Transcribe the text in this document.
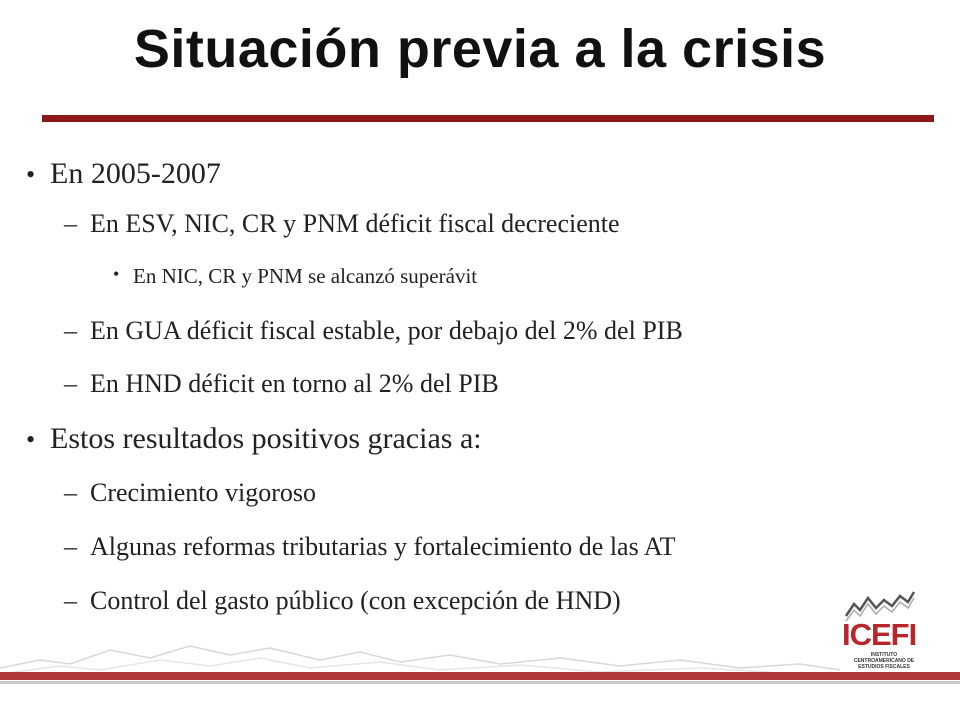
Situación previa a la crisis
• En 2005-2007
– En ESV, NIC, CR y PNM déficit fiscal decreciente
• En NIC, CR y PNM se alcanzó superávit
– En GUA déficit fiscal estable, por debajo del 2% del PIB
– En HND déficit en torno al 2% del PIB
• Estos resultados positivos gracias a:
– Crecimiento vigoroso
– Algunas reformas tributarias y fortalecimiento de las AT
– Control del gasto público (con excepción de HND)
ICEFI
INSTITUTO CENTROAMERICANO DE ESTUDIOS FISCALES
